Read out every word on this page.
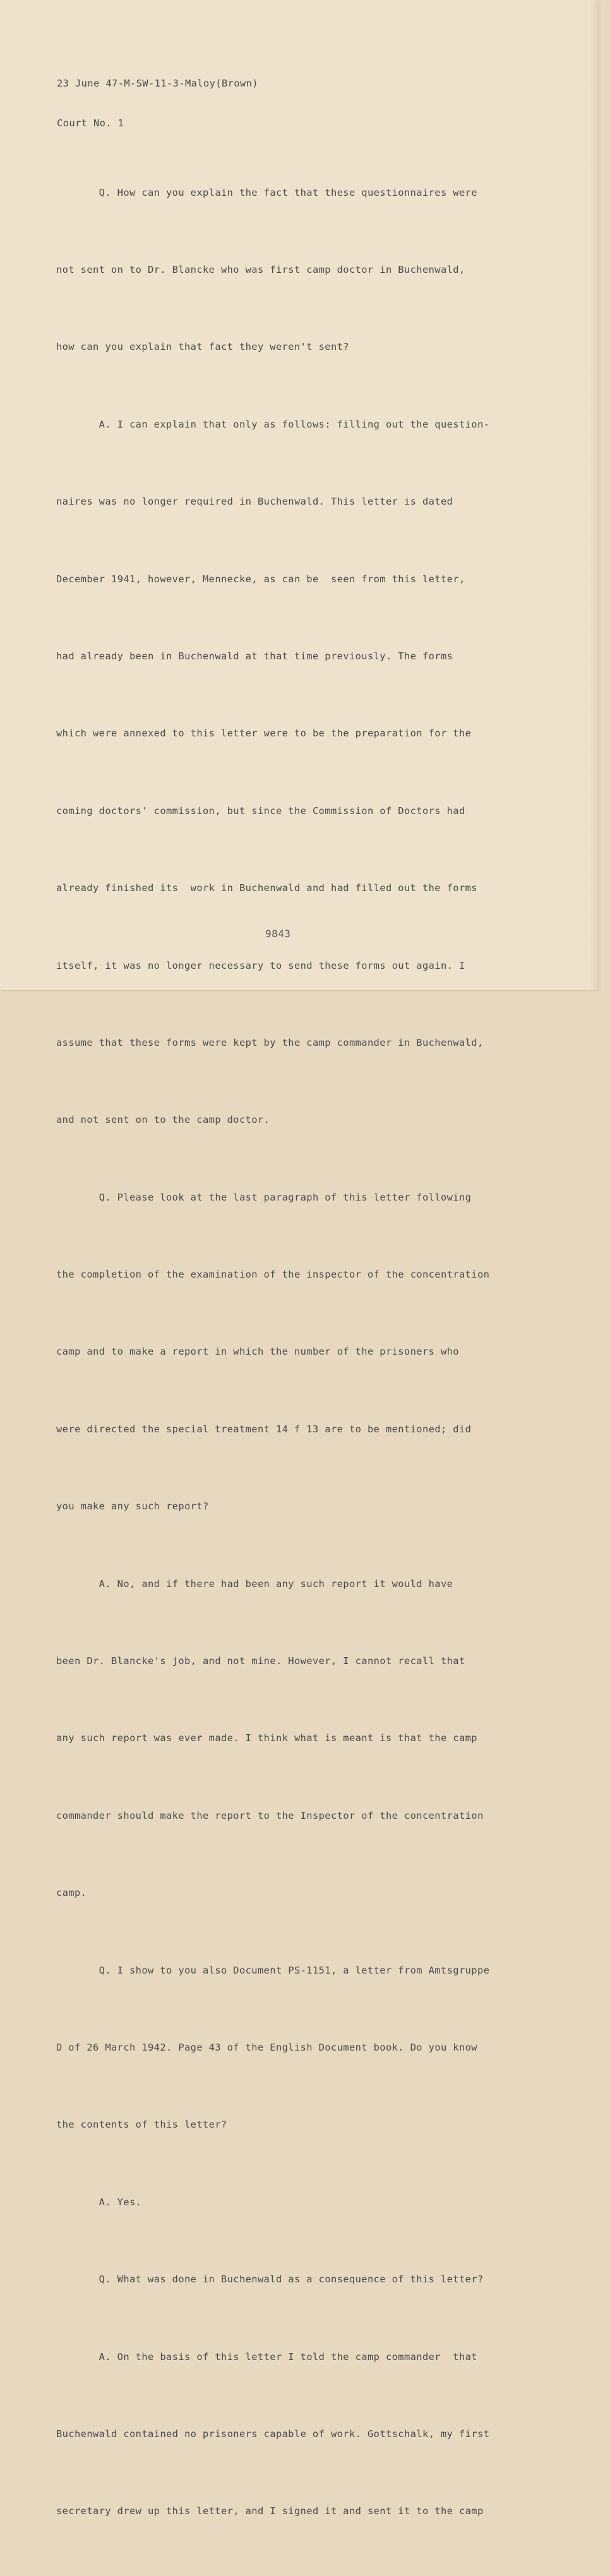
23 June 47-M-SW-11-3-Maloy(Brown)

Court No. 1

Q. How can you explain the fact that these questionnaires were

not sent on to Dr. Blancke who was first camp doctor in Buchenwald,

how can you explain that fact they weren't sent?

A. I can explain that only as follows: filling out the question-

naires was no longer required in Buchenwald. This letter is dated

December 1941, however, Mennecke, as can be  seen from this letter,

had already been in Buchenwald at that time previously. The forms

which were annexed to this letter were to be the preparation for the

coming doctors' commission, but since the Commission of Doctors had

already finished its  work in Buchenwald and had filled out the forms

itself, it was no longer necessary to send these forms out again. I

assume that these forms were kept by the camp commander in Buchenwald,

and not sent on to the camp doctor.

Q. Please look at the last paragraph of this letter following

the completion of the examination of the inspector of the concentration

camp and to make a report in which the number of the prisoners who

were directed the special treatment 14 f 13 are to be mentioned; did

you make any such report?

A. No, and if there had been any such report it would have

been Dr. Blancke's job, and not mine. However, I cannot recall that

any such report was ever made. I think what is meant is that the camp

commander should make the report to the Inspector of the concentration

camp.

Q. I show to you also Document PS-1151, a letter from Amtsgruppe

D of 26 March 1942. Page 43 of the English Document book. Do you know

the contents of this letter?

A. Yes.

Q. What was done in Buchenwald as a consequence of this letter?

A. On the basis of this letter I told the camp commander  that

Buchenwald contained no prisoners capable of work. Gottschalk, my first

secretary drew up this letter, and I signed it and sent it to the camp

9843
